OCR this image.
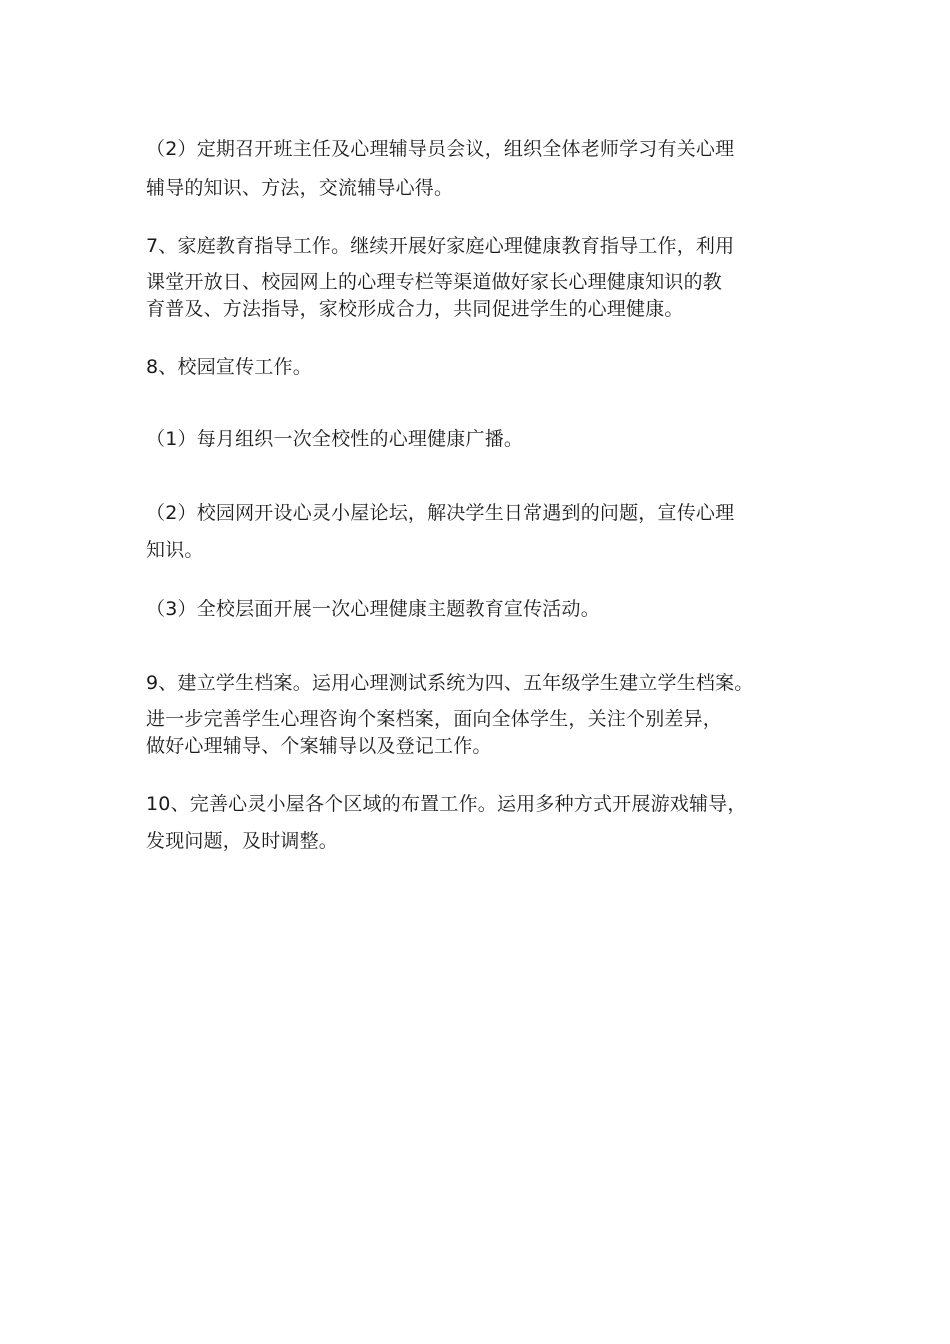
（2）定期召开班主任及心理辅导员会议，组织全体老师学习有关心理
辅导的知识、方法，交流辅导心得。
7、家庭教育指导工作。继续开展好家庭心理健康教育指导工作，利用
课堂开放日、校园网上的心理专栏等渠道做好家长心理健康知识的教
育普及、方法指导，家校形成合力，共同促进学生的心理健康。
8、校园宣传工作。
（1）每月组织一次全校性的心理健康广播。
（2）校园网开设心灵小屋论坛，解决学生日常遇到的问题，宣传心理
知识。
（3）全校层面开展一次心理健康主题教育宣传活动。
9、建立学生档案。运用心理测试系统为四、五年级学生建立学生档案。
进一步完善学生心理咨询个案档案，面向全体学生，关注个别差异，
做好心理辅导、个案辅导以及登记工作。
10、完善心灵小屋各个区域的布置工作。运用多种方式开展游戏辅导，
发现问题，及时调整。
